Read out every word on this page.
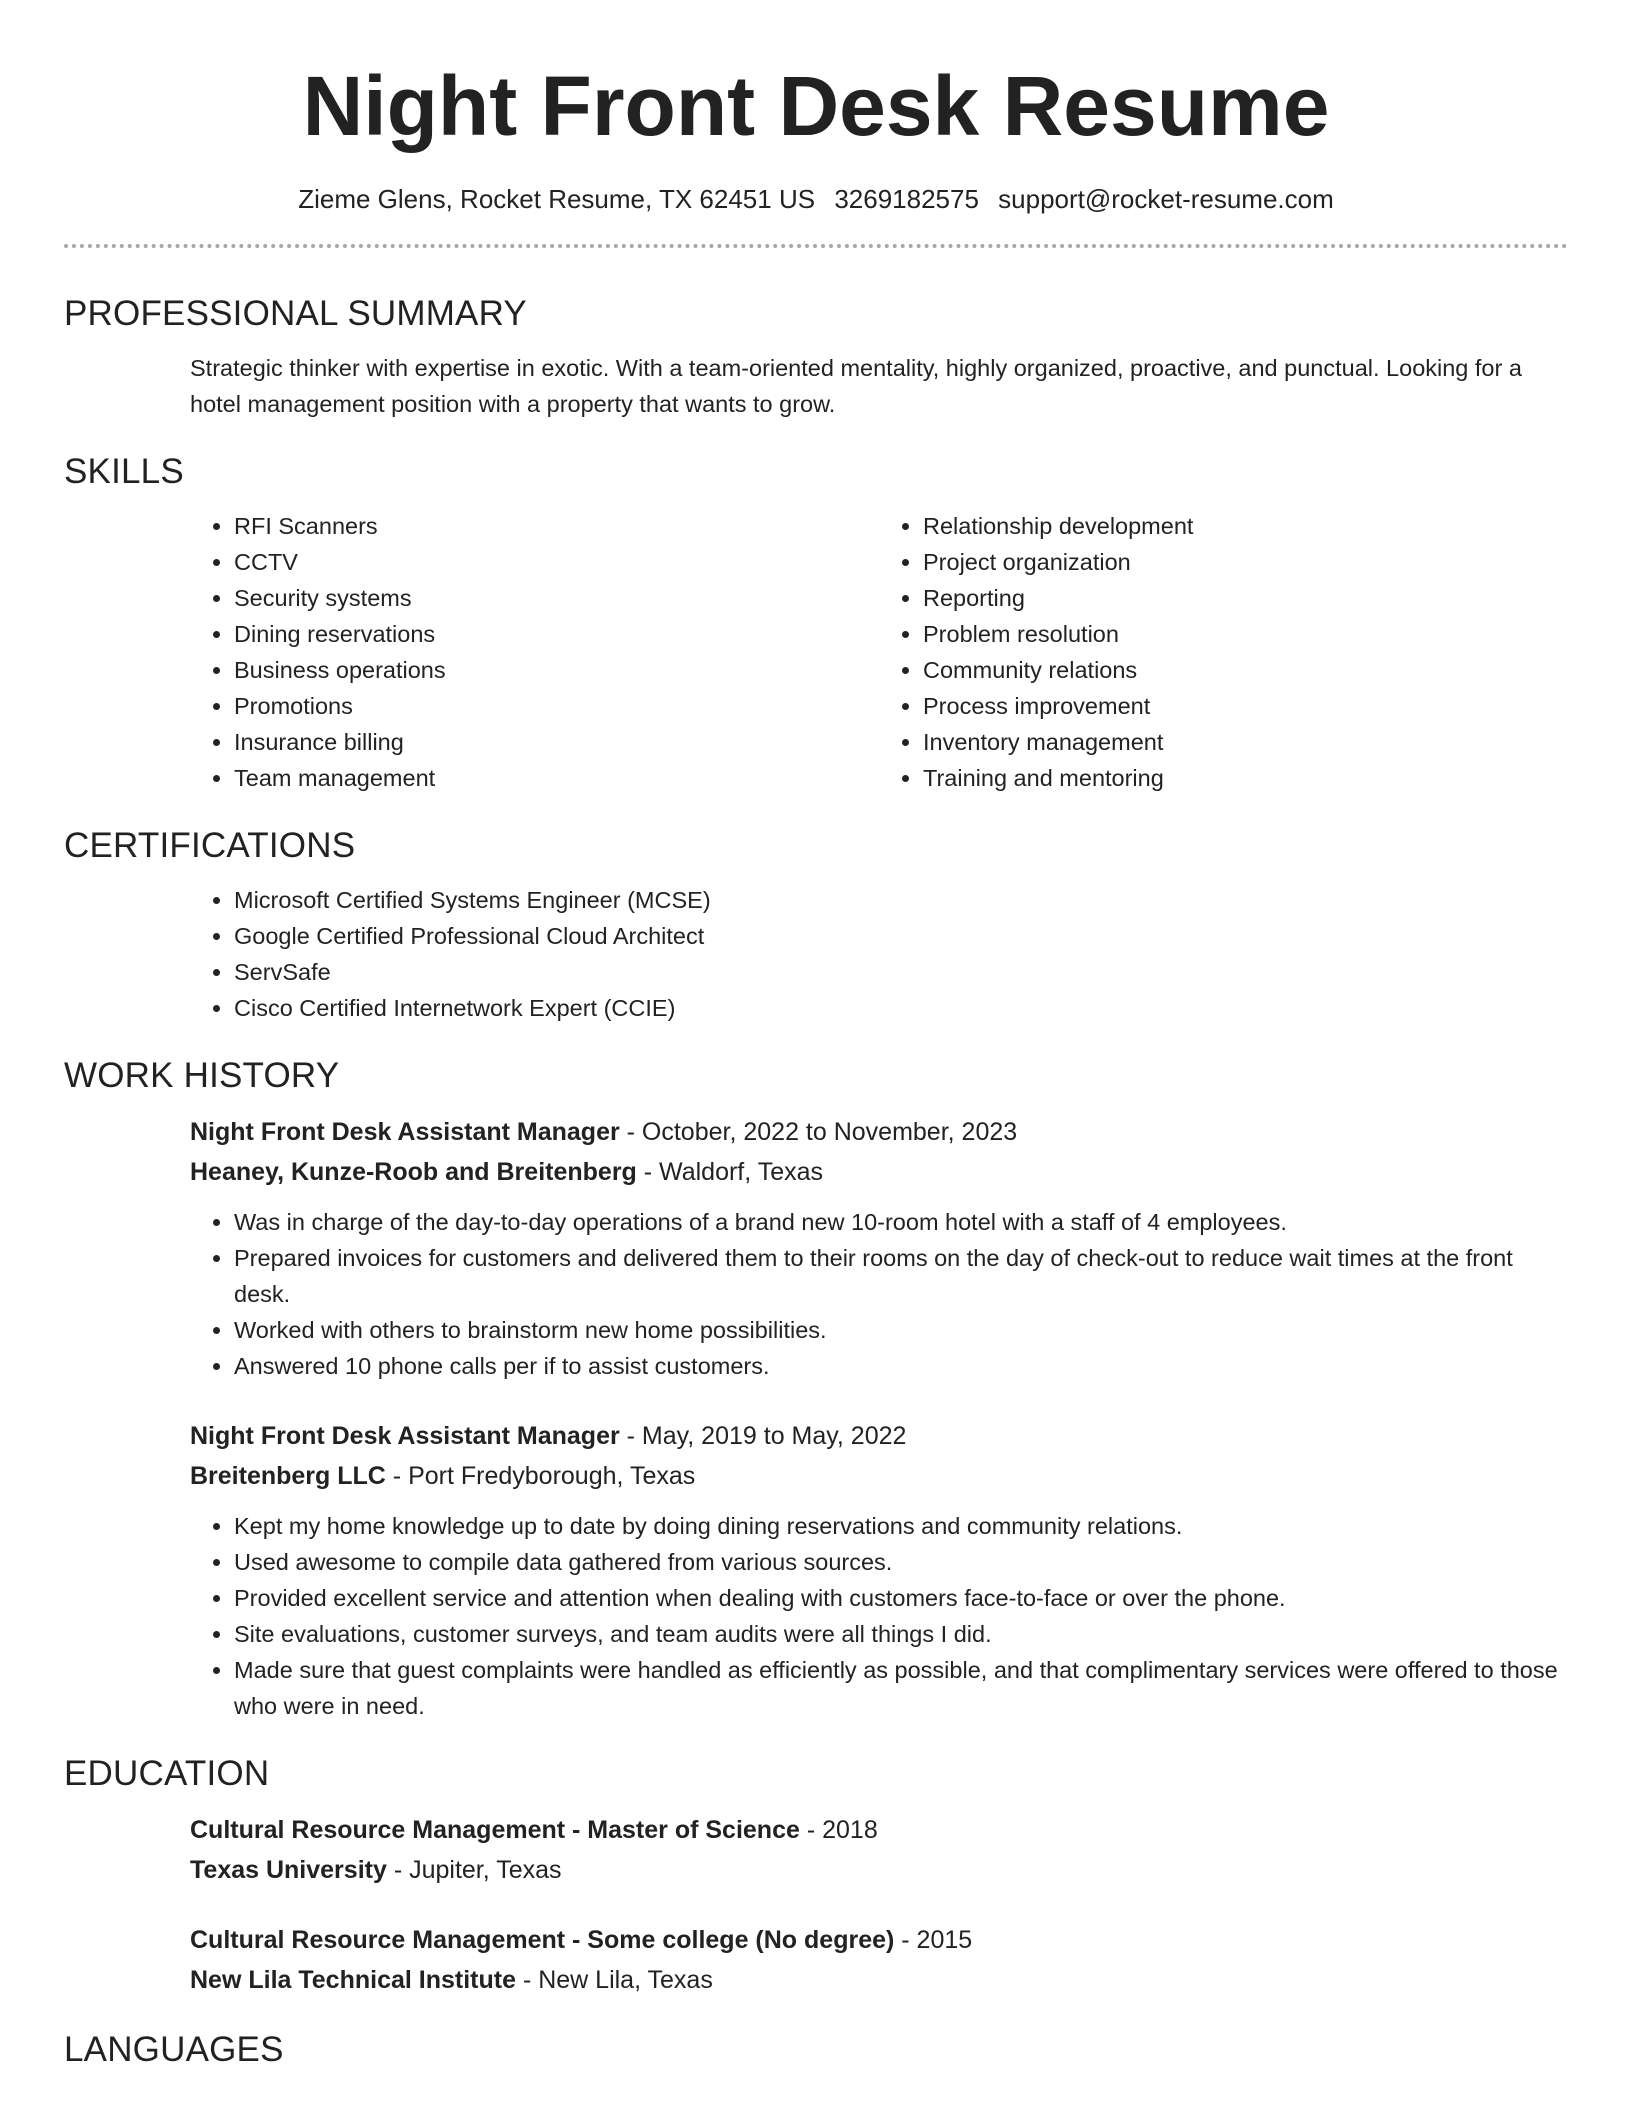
Night Front Desk Resume
Zieme Glens, Rocket Resume, TX 62451 US 3269182575 support@rocket-resume.com
PROFESSIONAL SUMMARY
Strategic thinker with expertise in exotic. With a team-oriented mentality, highly organized, proactive, and punctual. Looking for a hotel management position with a property that wants to grow.
SKILLS
• RFI Scanners
• CCTV
• Security systems
• Dining reservations
• Business operations
• Promotions
• Insurance billing
• Team management
• Relationship development
• Project organization
• Reporting
• Problem resolution
• Community relations
• Process improvement
• Inventory management
• Training and mentoring
CERTIFICATIONS
• Microsoft Certified Systems Engineer (MCSE)
• Google Certified Professional Cloud Architect
• ServSafe
• Cisco Certified Internetwork Expert (CCIE)
WORK HISTORY
Night Front Desk Assistant Manager - October, 2022 to November, 2023
Heaney, Kunze-Roob and Breitenberg - Waldorf, Texas
• Was in charge of the day-to-day operations of a brand new 10-room hotel with a staff of 4 employees.
• Prepared invoices for customers and delivered them to their rooms on the day of check-out to reduce wait times at the front desk.
• Worked with others to brainstorm new home possibilities.
• Answered 10 phone calls per if to assist customers.
Night Front Desk Assistant Manager - May, 2019 to May, 2022
Breitenberg LLC - Port Fredyborough, Texas
• Kept my home knowledge up to date by doing dining reservations and community relations.
• Used awesome to compile data gathered from various sources.
• Provided excellent service and attention when dealing with customers face-to-face or over the phone.
• Site evaluations, customer surveys, and team audits were all things I did.
• Made sure that guest complaints were handled as efficiently as possible, and that complimentary services were offered to those who were in need.
EDUCATION
Cultural Resource Management - Master of Science - 2018
Texas University - Jupiter, Texas
Cultural Resource Management - Some college (No degree) - 2015
New Lila Technical Institute - New Lila, Texas
LANGUAGES
